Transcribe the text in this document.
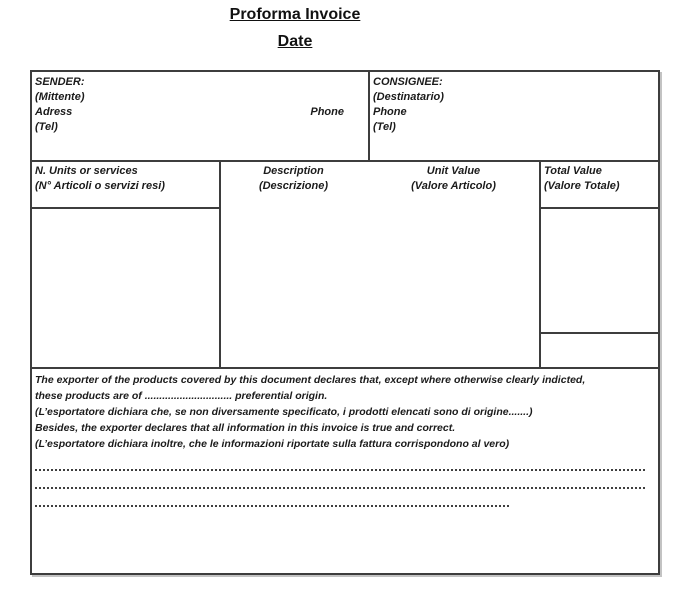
Proforma Invoice
Date
SENDER:
(Mittente)
Adress
(Tel)
Phone
CONSIGNEE:
(Destinatario)
Phone
(Tel)
N. Units or services
(N° Articoli o servizi resi)
Description
(Descrizione)
Unit Value
(Valore Articolo)
Total Value
(Valore Totale)
The exporter of the products covered by this document declares that, except where otherwise clearly indicted,
these products are of .............................. preferential origin.
(L’esportatore dichiara che, se non diversamente specificato, i prodotti elencati sono di origine.......)
Besides, the exporter declares that all information in this invoice is true and correct.
(L’esportatore dichiara inoltre, che le informazioni riportate sulla fattura corrispondono al vero)
